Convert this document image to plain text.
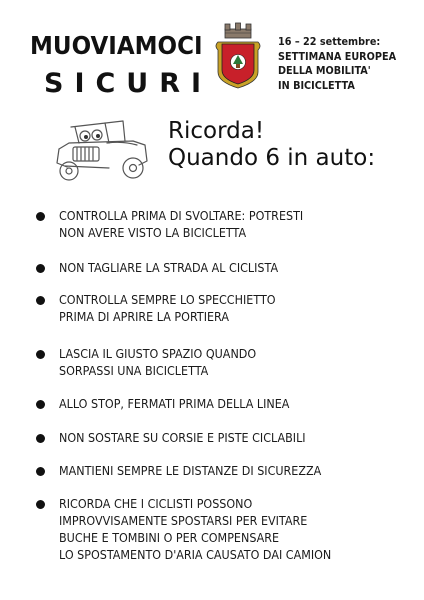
MUOVIAMOCI
SICURI
16 – 22 settembre:
SETTIMANA EUROPEA
DELLA MOBILITA'
IN BICICLETTA
Ricorda!
Quando 6 in auto:
CONTROLLA PRIMA DI SVOLTARE: POTRESTI
NON AVERE VISTO LA BICICLETTA
NON TAGLIARE LA STRADA AL CICLISTA
CONTROLLA SEMPRE LO SPECCHIETTO
PRIMA DI APRIRE LA PORTIERA
LASCIA IL GIUSTO SPAZIO QUANDO
SORPASSI UNA BICICLETTA
ALLO STOP, FERMATI PRIMA DELLA LINEA
NON SOSTARE SU CORSIE E PISTE CICLABILI
MANTIENI SEMPRE LE DISTANZE DI SICUREZZA
RICORDA CHE I CICLISTI POSSONO
IMPROVVISAMENTE SPOSTARSI PER EVITARE
BUCHE E TOMBINI O PER COMPENSARE
LO SPOSTAMENTO D'ARIA CAUSATO DAI CAMION
